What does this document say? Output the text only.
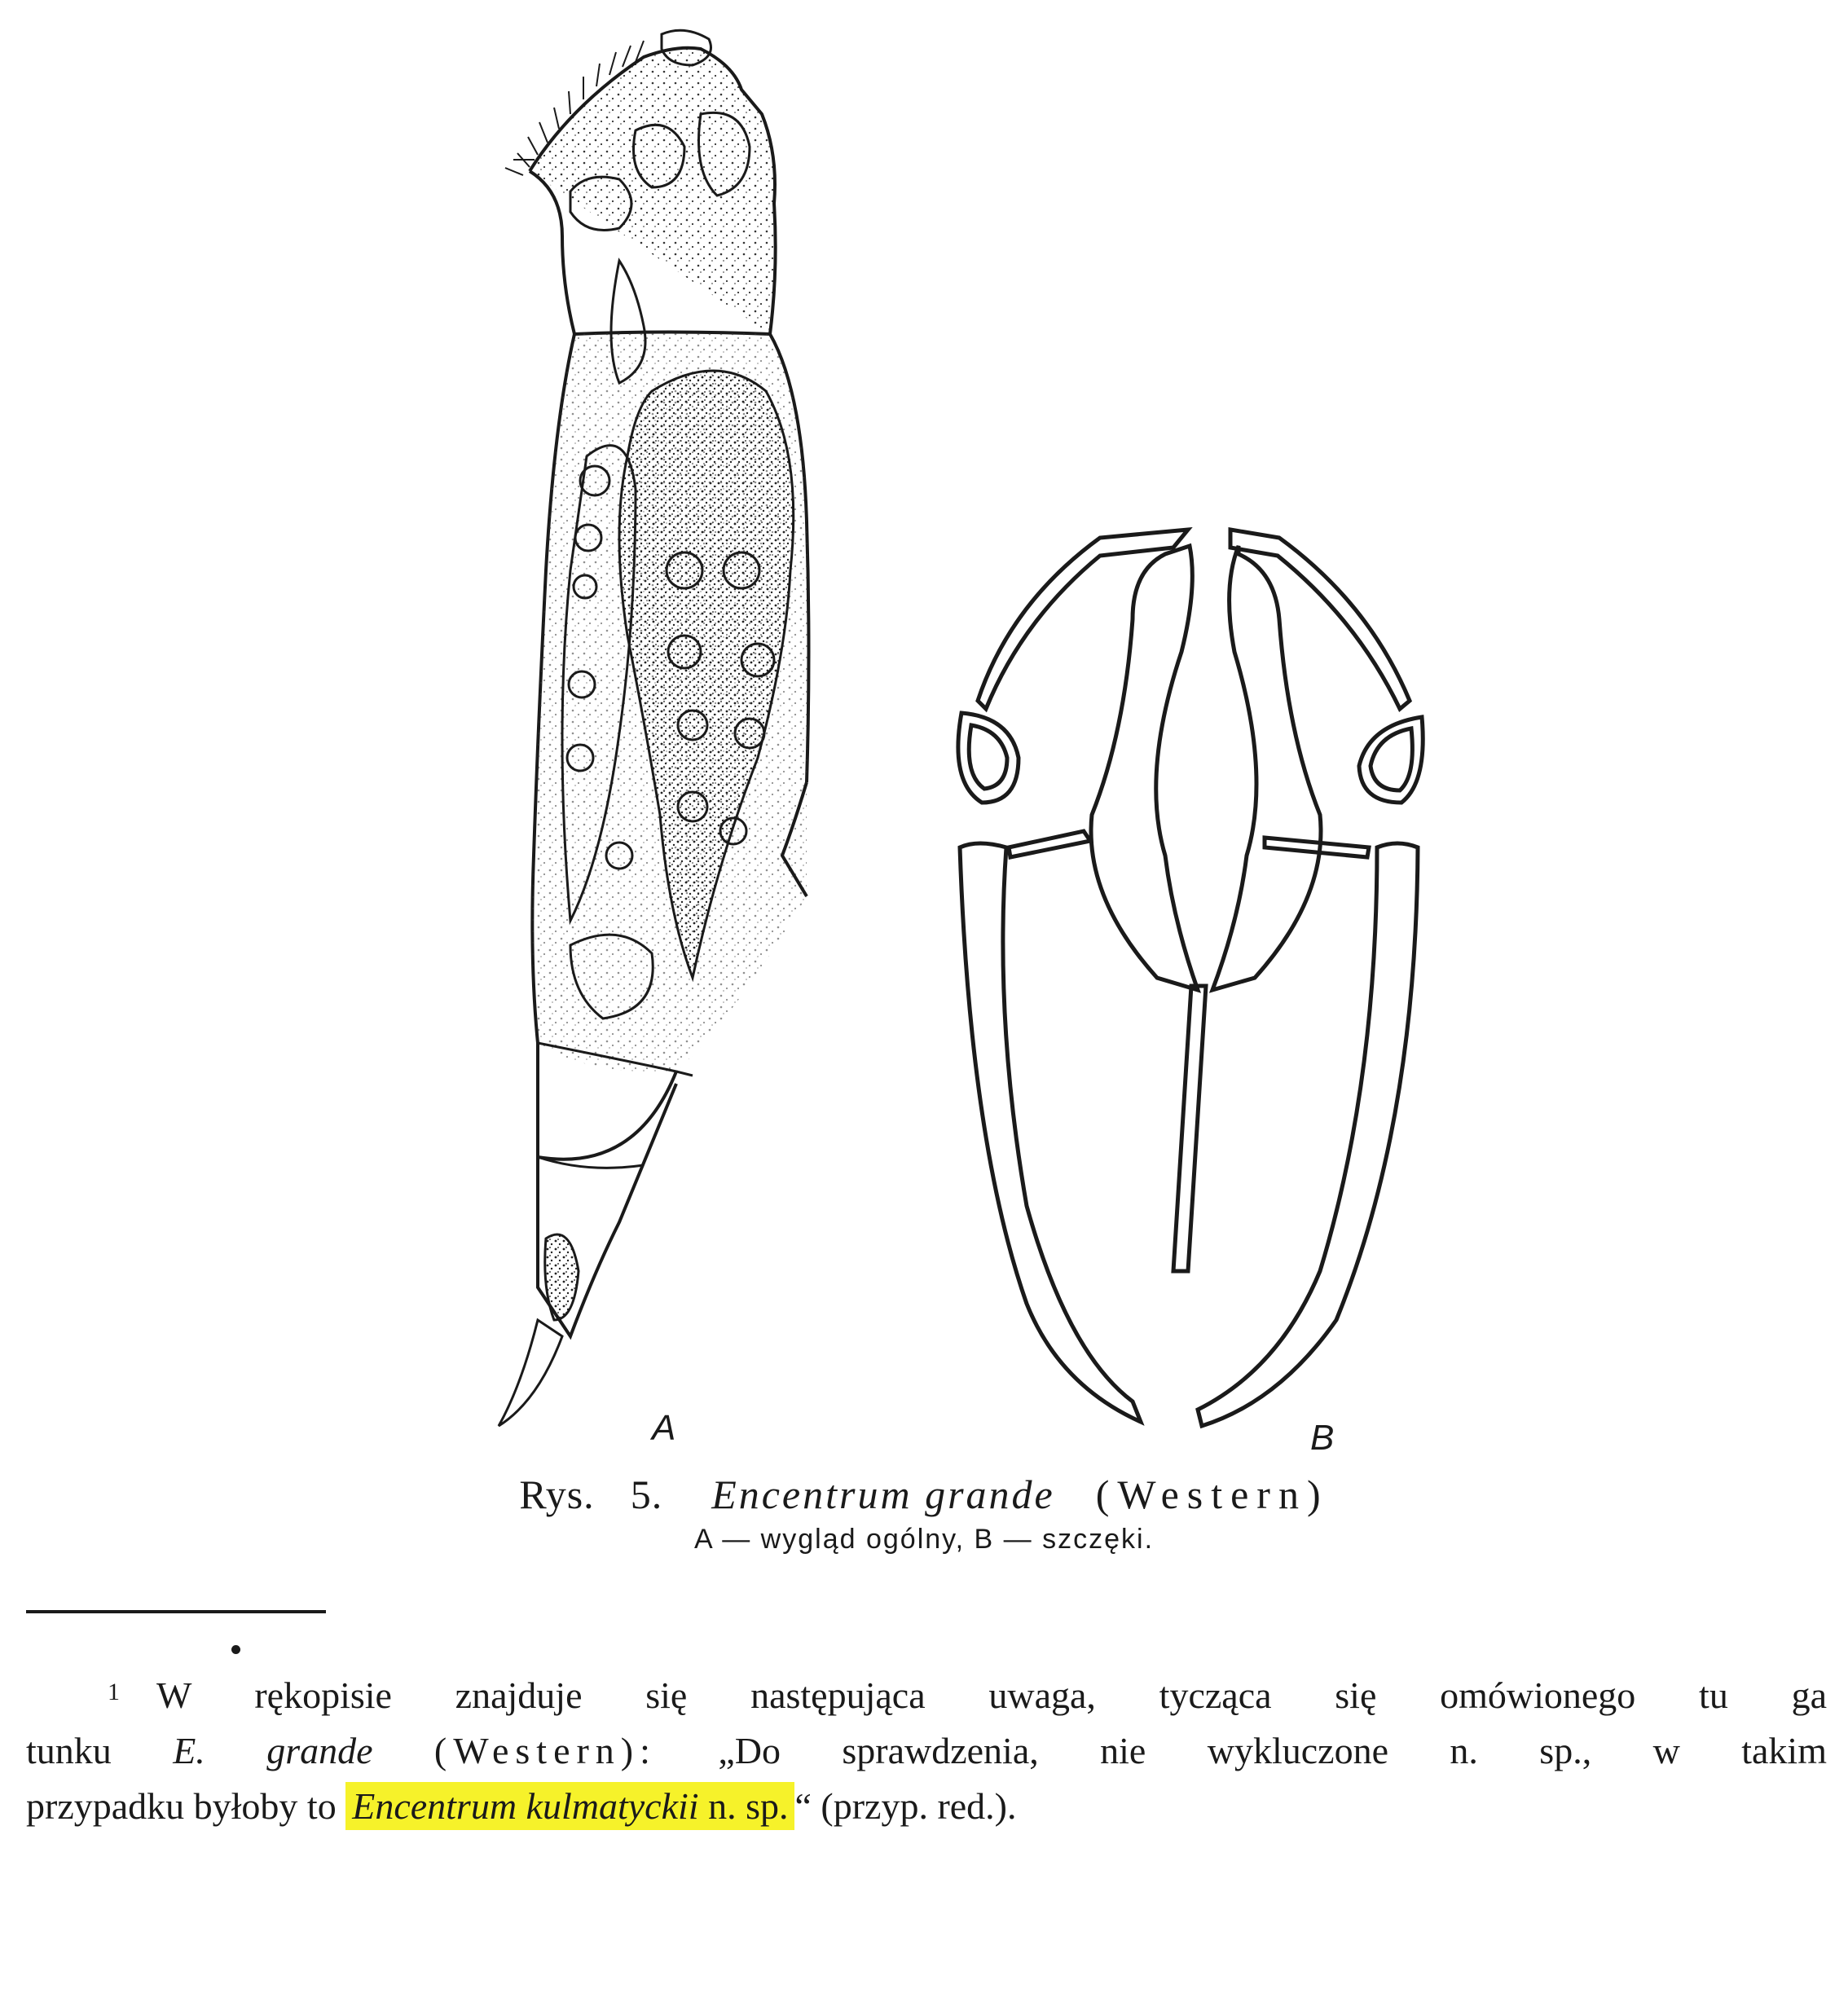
A	B
Rys. 5. Encentrum grande (Western)
A — wygląd ogólny, B — szczęki.
1 W rękopisie znajduje się następująca uwaga, tycząca się omówionego tu ga
tunku E. grande (Western): „Do sprawdzenia, nie wykluczone n. sp., w takim
przypadku byłoby to Encentrum kulmatyckii n. sp. “ (przyp. red.).
